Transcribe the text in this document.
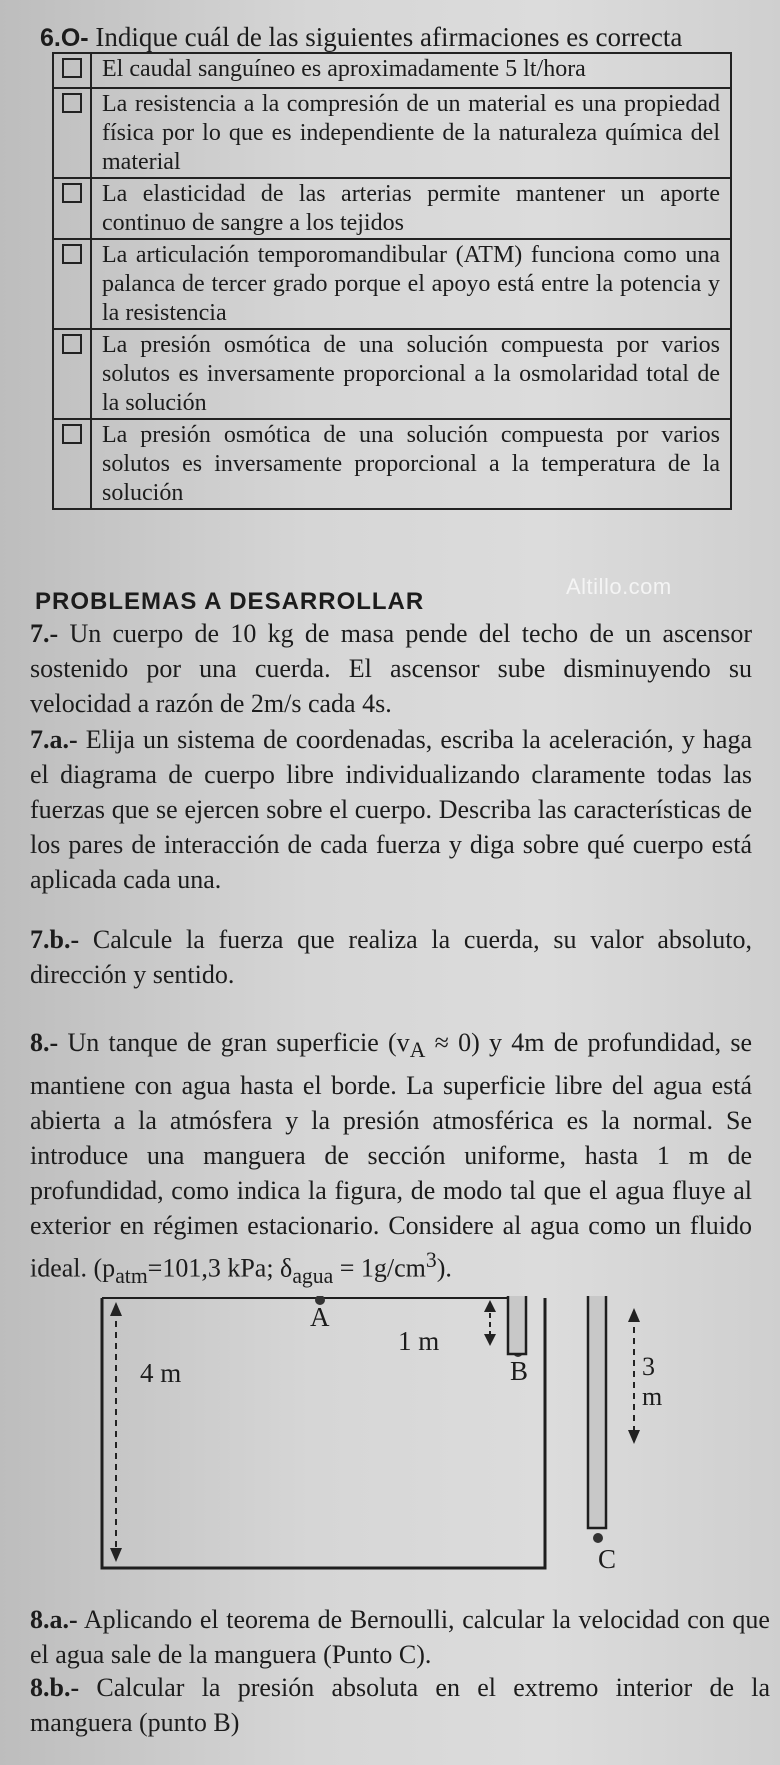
6.O- Indique cuál de las siguientes afirmaciones es correcta
	El caudal sanguíneo es aproximadamente 5 lt/hora
	La resistencia a la compresión de un material es una propiedad física por lo que es independiente de la naturaleza química del material
	La elasticidad de las arterias permite mantener un aporte continuo de sangre a los tejidos
	La articulación temporomandibular (ATM) funciona como una palanca de tercer grado porque el apoyo está entre la potencia y la resistencia
	La presión osmótica de una solución compuesta por varios solutos es inversamente proporcional a la osmolaridad total de la solución
	La presión osmótica de una solución compuesta por varios solutos es inversamente proporcional a la temperatura de la solución
Altillo.com
PROBLEMAS A DESARROLLAR
7.- Un cuerpo de 10 kg de masa pende del techo de un ascensor sostenido por una cuerda. El ascensor sube disminuyendo su velocidad a razón de 2m/s cada 4s.
7.a.- Elija un sistema de coordenadas, escriba la aceleración, y haga el diagrama de cuerpo libre individualizando claramente todas las fuerzas que se ejercen sobre el cuerpo. Describa las características de los pares de interacción de cada fuerza y diga sobre qué cuerpo está aplicada cada una.
7.b.- Calcule la fuerza que realiza la cuerda, su valor absoluto, dirección y sentido.
8.- Un tanque de gran superficie $(v_A \approx 0)$ y 4m de profundidad, se mantiene con agua hasta el borde. La superficie libre del agua está abierta a la atmósfera y la presión atmosférica es la normal. Se introduce una manguera de sección uniforme, hasta 1 m de profundidad, como indica la figura, de modo tal que el agua fluye al exterior en régimen estacionario. Considere al agua como un fluido ideal. ($p_{atm}=101,3$ kPa; $\delta_{agua} = 1g/cm^3$).
A
4 m
1 m
B	3 m
C
8.a.- Aplicando el teorema de Bernoulli, calcular la velocidad con que el agua sale de la manguera (Punto C).
8.b.- Calcular la presión absoluta en el extremo interior de la manguera (punto B)
